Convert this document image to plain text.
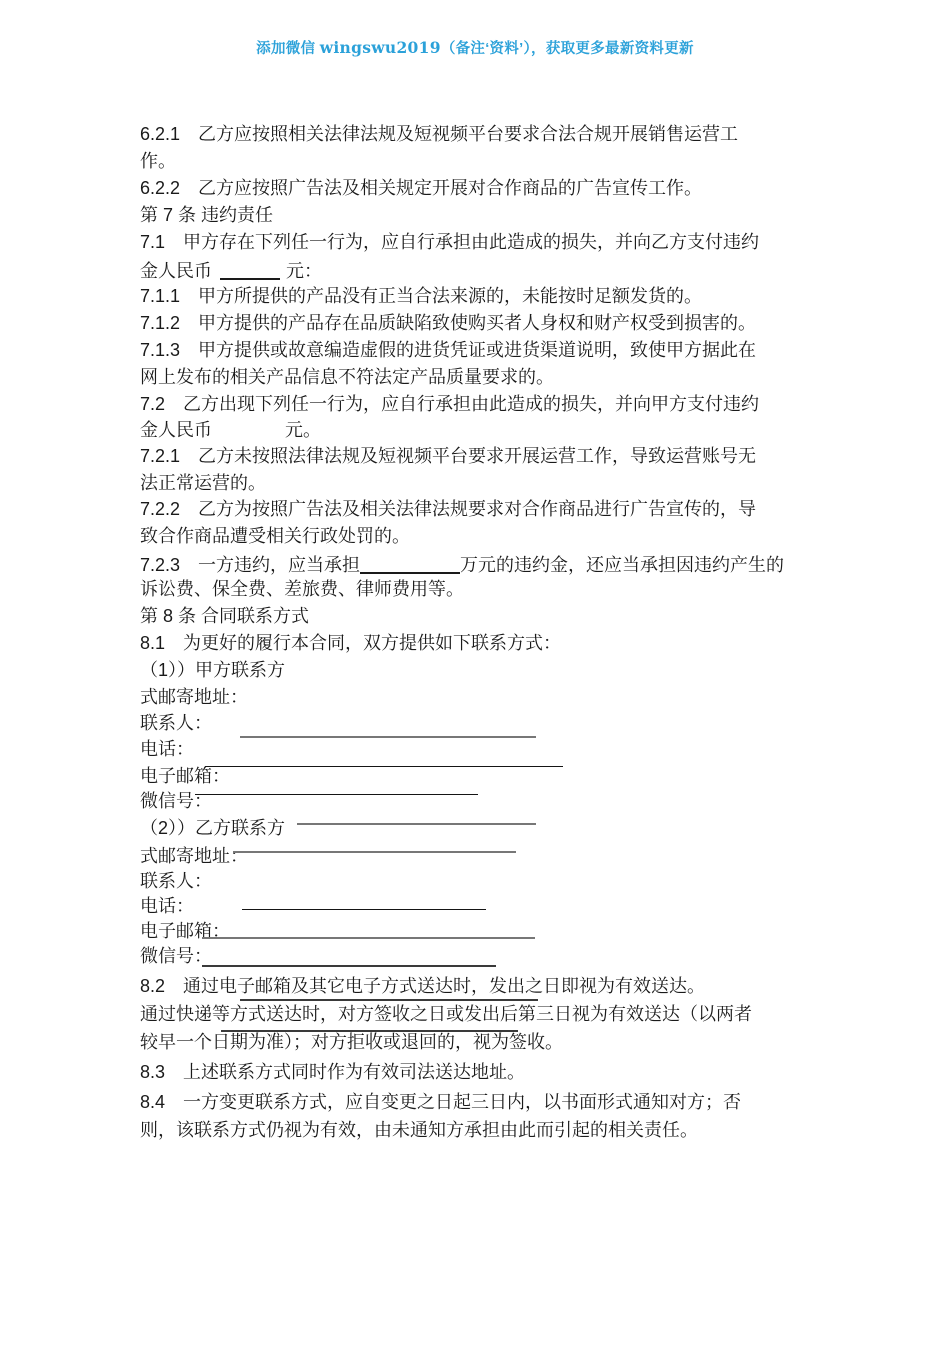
添加微信 wingswu2019（备注‘资料’），获取更多最新资料更新
6.2.1　乙方应按照相关法律法规及短视频平台要求合法合规开展销售运营工
作。
6.2.2　乙方应按照广告法及相关规定开展对合作商品的广告宣传工作。
第 7 条 违约责任
7.1　甲方存在下列任一行为，应自行承担由此造成的损失，并向乙方支付违约
金人民币	元：
7.1.1　甲方所提供的产品没有正当合法来源的，未能按时足额发货的。
7.1.2　甲方提供的产品存在品质缺陷致使购买者人身权和财产权受到损害的。
7.1.3　甲方提供或故意编造虚假的进货凭证或进货渠道说明，致使甲方据此在
网上发布的相关产品信息不符法定产品质量要求的。
7.2　乙方出现下列任一行为，应自行承担由此造成的损失，并向甲方支付违约
金人民币	元。
7.2.1　乙方未按照法律法规及短视频平台要求开展运营工作，导致运营账号无
法正常运营的。
7.2.2　乙方为按照广告法及相关法律法规要求对合作商品进行广告宣传的，导
致合作商品遭受相关行政处罚的。
7.2.3　一方违约，应当承担	万元的违约金，还应当承担因违约产生的
诉讼费、保全费、差旅费、律师费用等。
第 8 条 合同联系方式
8.1　为更好的履行本合同，双方提供如下联系方式：
（1））甲方联系方
式邮寄地址：
联系人：
电话：
电子邮箱：
微信号：
（2））乙方联系方
式邮寄地址：
联系人：
电话：
电子邮箱：
微信号：
8.2　通过电子邮箱及其它电子方式送达时，发出之日即视为有效送达。
通过快递等方式送达时，对方签收之日或发出后第三日视为有效送达（以两者
较早一个日期为准）；对方拒收或退回的，视为签收。
8.3　上述联系方式同时作为有效司法送达地址。
8.4　一方变更联系方式，应自变更之日起三日内，以书面形式通知对方；否
则，该联系方式仍视为有效，由未通知方承担由此而引起的相关责任。
